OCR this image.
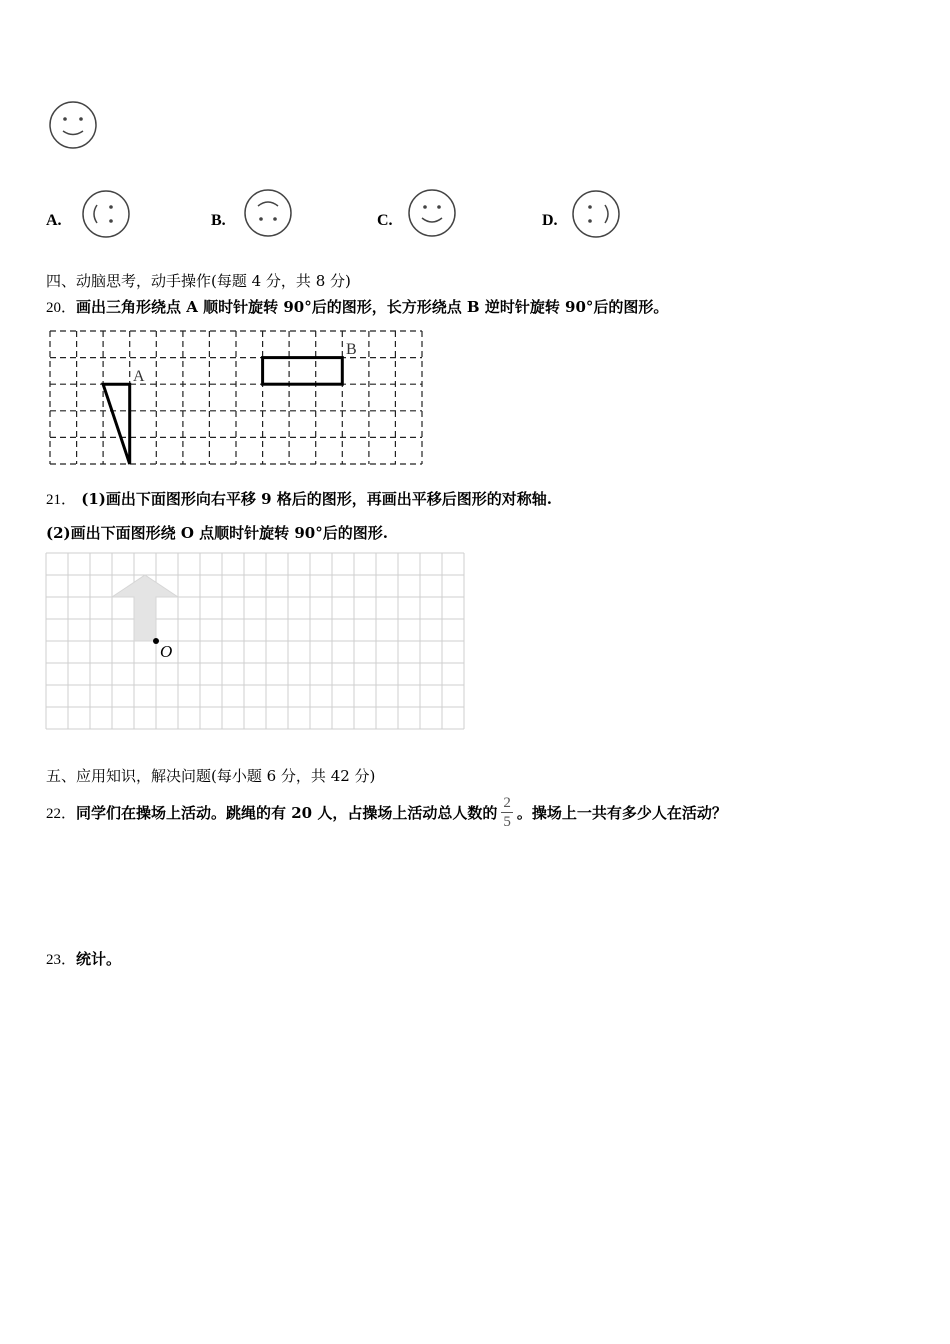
A.	B.	C.	D.
四、动脑思考，动手操作(每题 4 分，共 8 分)
20．画出三角形绕点 A 顺时针旋转 90°后的图形，长方形绕点 B 逆时针旋转 90°后的图形。
A
B
21． (1)画出下面图形向右平移 9 格后的图形，再画出平移后图形的对称轴.
(2)画出下面图形绕 O 点顺时针旋转 90°后的图形.
O
五、应用知识，解决问题(每小题 6 分，共 42 分)
22． 同学们在操场上活动。跳绳的有 20 人，占操场上活动总人数的 $\frac{2}{5}$ 。操场上一共有多少人在活动？
23．统计。
